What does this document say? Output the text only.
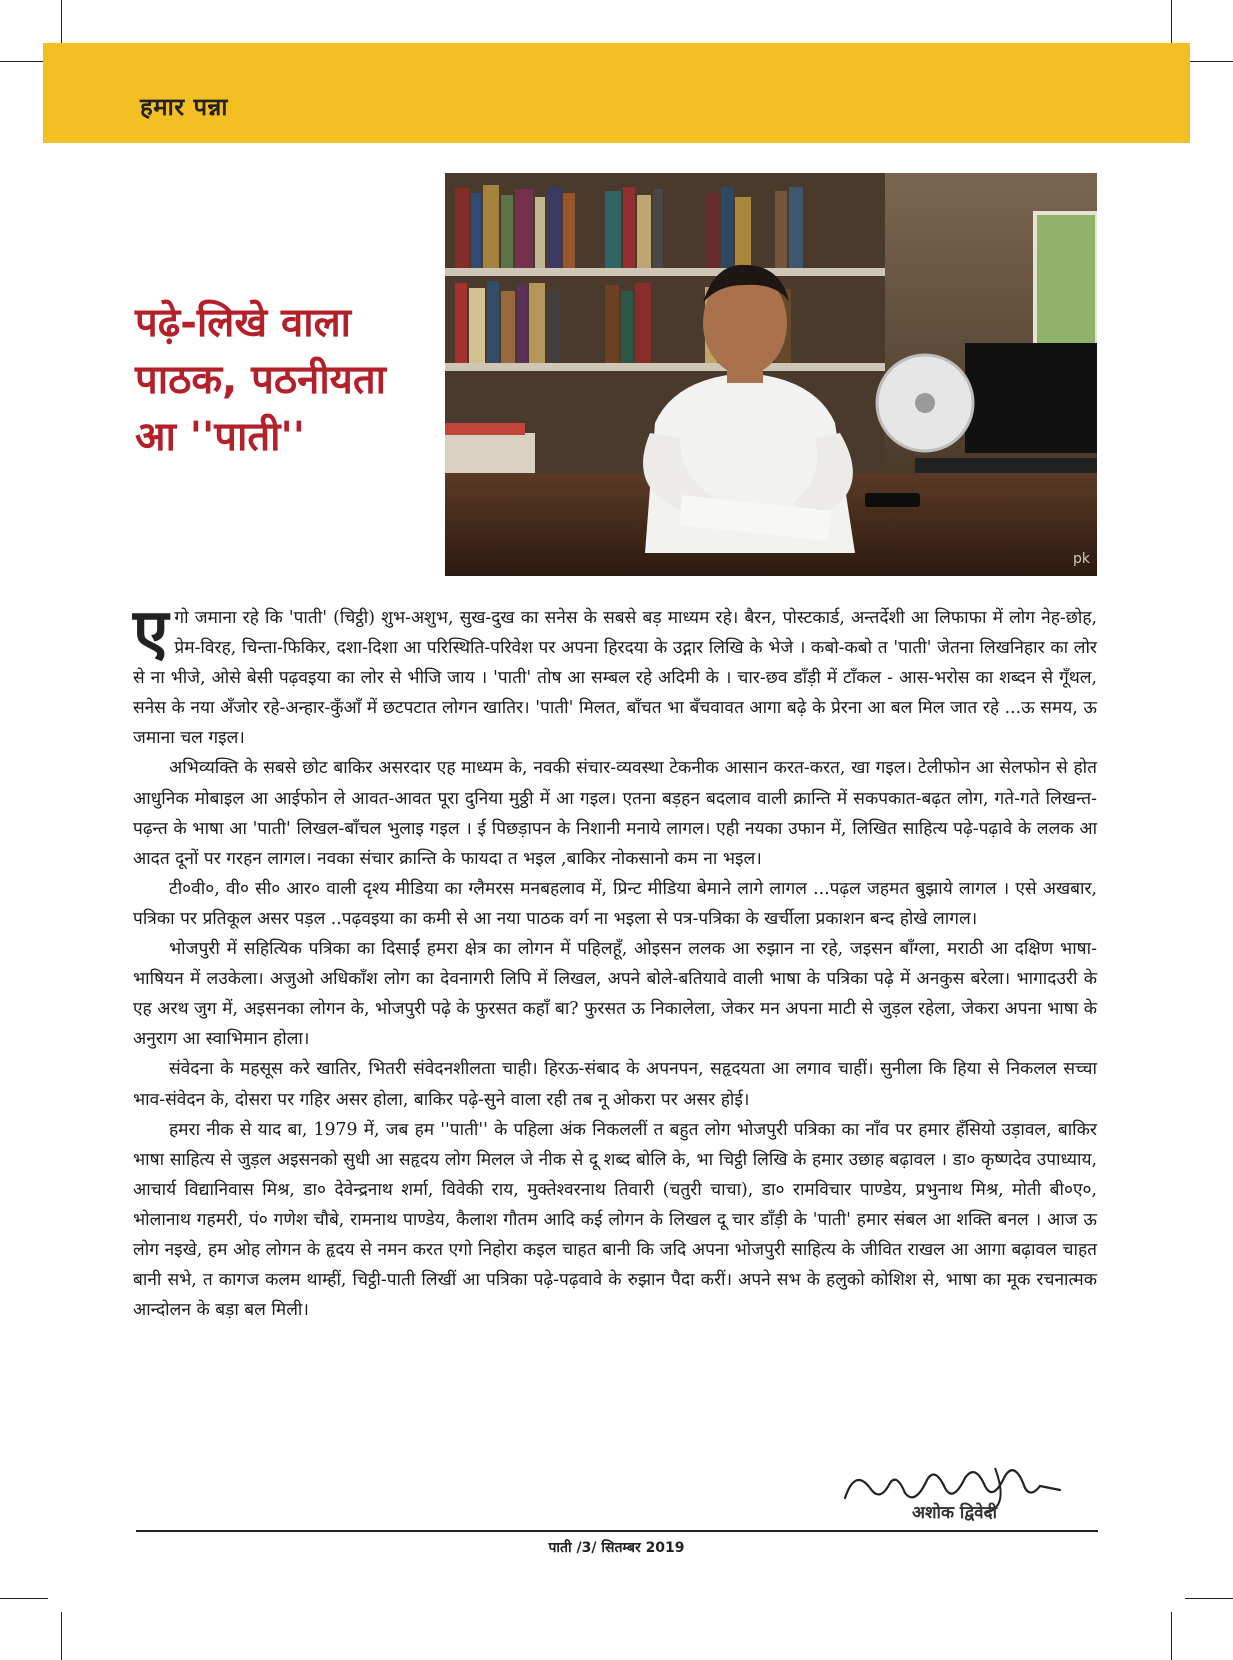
हमार पन्ना
पढ़े-लिखे वाला
पाठक, पठनीयता
आ ''पाती''
pk

एगो जमाना रहे कि 'पाती' (चिट्ठी) शुभ-अशुभ, सुख-दुख का सनेस के सबसे बड़ माध्यम रहे। बैरन, पोस्टकार्ड, अन्तर्देशी आ लिफाफा में लोग नेह-छोह, प्रेम-विरह, चिन्ता-फिकिर, दशा-दिशा आ परिस्थिति-परिवेश पर अपना हिरदया के उद्गार लिखि के भेजे । कबो-कबो त 'पाती' जेतना लिखनिहार का लोर से ना भीजे, ओसे बेसी पढ़वइया का लोर से भीजि जाय । 'पाती' तोष आ सम्बल रहे अदिमी के । चार-छव डाँड़ी में टाँकल - आस-भरोस का शब्दन से गूँथल, सनेस के नया अँजोर रहे-अन्हार-कुँआँ में छटपटात लोगन खातिर। 'पाती' मिलत, बाँचत भा बँचवावत आगा बढ़े के प्रेरना आ बल मिल जात रहे ...ऊ समय, ऊ जमाना चल गइल।

अभिव्यक्ति के सबसे छोट बाकिर असरदार एह माध्यम के, नवकी संचार-व्यवस्था टेकनीक आसान करत-करत, खा गइल। टेलीफोन आ सेलफोन से होत आधुनिक मोबाइल आ आईफोन ले आवत-आवत पूरा दुनिया मुठ्ठी में आ गइल। एतना बड़हन बदलाव वाली क्रान्ति में सकपकात-बढ़त लोग, गते-गते लिखन्त-पढ़न्त के भाषा आ 'पाती' लिखल-बाँचल भुलाइ गइल । ई पिछड़ापन के निशानी मनाये लागल। एही नयका उफान में, लिखित साहित्य पढ़े-पढ़ावे के ललक आ आदत दूनों पर गरहन लागल। नवका संचार क्रान्ति के फायदा त भइल ,बाकिर नोकसानो कम ना भइल।

टी०वी०, वी० सी० आर० वाली दृश्य मीडिया का ग्लैमरस मनबहलाव में, प्रिन्ट मीडिया बेमाने लागे लागल ...पढ़ल जहमत बुझाये लागल । एसे अखबार, पत्रिका पर प्रतिकूल असर पड़ल ..पढ़वइया का कमी से आ नया पाठक वर्ग ना भइला से पत्र-पत्रिका के खर्चीला प्रकाशन बन्द होखे लागल।

भोजपुरी में सहित्यिक पत्रिका का दिसाईं हमरा क्षेत्र का लोगन में पहिलहूँ, ओइसन ललक आ रुझान ना रहे, जइसन बाँग्ला, मराठी आ दक्षिण भाषा-भाषियन में लउकेला। अजुओ अधिकाँश लोग का देवनागरी लिपि में लिखल, अपने बोले-बतियावे वाली भाषा के पत्रिका पढ़े में अनकुस बरेला। भागादउरी के एह अरथ जुग में, अइसनका लोगन के, भोजपुरी पढ़े के फुरसत कहाँ बा? फुरसत ऊ निकालेला, जेकर मन अपना माटी से जुड़ल रहेला, जेकरा अपना भाषा के अनुराग आ स्वाभिमान होला।

संवेदना के महसूस करे खातिर, भितरी संवेदनशीलता चाही। हिरऊ-संबाद के अपनपन, सहृदयता आ लगाव चाहीं। सुनीला कि हिया से निकलल सच्चा भाव-संवेदन के, दोसरा पर गहिर असर होला, बाकिर पढ़े-सुने वाला रही तब नू ओकरा पर असर होई।

हमरा नीक से याद बा, 1979 में, जब हम ''पाती'' के पहिला अंक निकललीं त बहुत लोग भोजपुरी पत्रिका का नाँव पर हमार हँसियो उड़ावल, बाकिर भाषा साहित्य से जुड़ल अइसनको सुधी आ सहृदय लोग मिलल जे नीक से दू शब्द बोलि के, भा चिट्ठी लिखि के हमार उछाह बढ़ावल । डा० कृष्णदेव उपाध्याय, आचार्य विद्यानिवास मिश्र, डा० देवेन्द्रनाथ शर्मा, विवेकी राय, मुक्तेश्वरनाथ तिवारी (चतुरी चाचा), डा० रामविचार पाण्डेय, प्रभुनाथ मिश्र, मोती बी०ए०, भोलानाथ गहमरी, पं० गणेश चौबे, रामनाथ पाण्डेय, कैलाश गौतम आदि कई लोगन के लिखल दू चार डाँड़ी के 'पाती' हमार संबल आ शक्ति बनल । आज ऊ लोग नइखे, हम ओह लोगन के हृदय से नमन करत एगो निहोरा कइल चाहत बानी कि जदि अपना भोजपुरी साहित्य के जीवित राखल आ आगा बढ़ावल चाहत बानी सभे, त कागज कलम थाम्हीं, चिट्ठी-पाती लिखीं आ पत्रिका पढ़े-पढ़वावे के रुझान पैदा करीं। अपने सभ के हलुको कोशिश से, भाषा का मूक रचनात्मक आन्दोलन के बड़ा बल मिली।

अशोक द्विवेदी
पाती /3/ सितम्बर 2019
